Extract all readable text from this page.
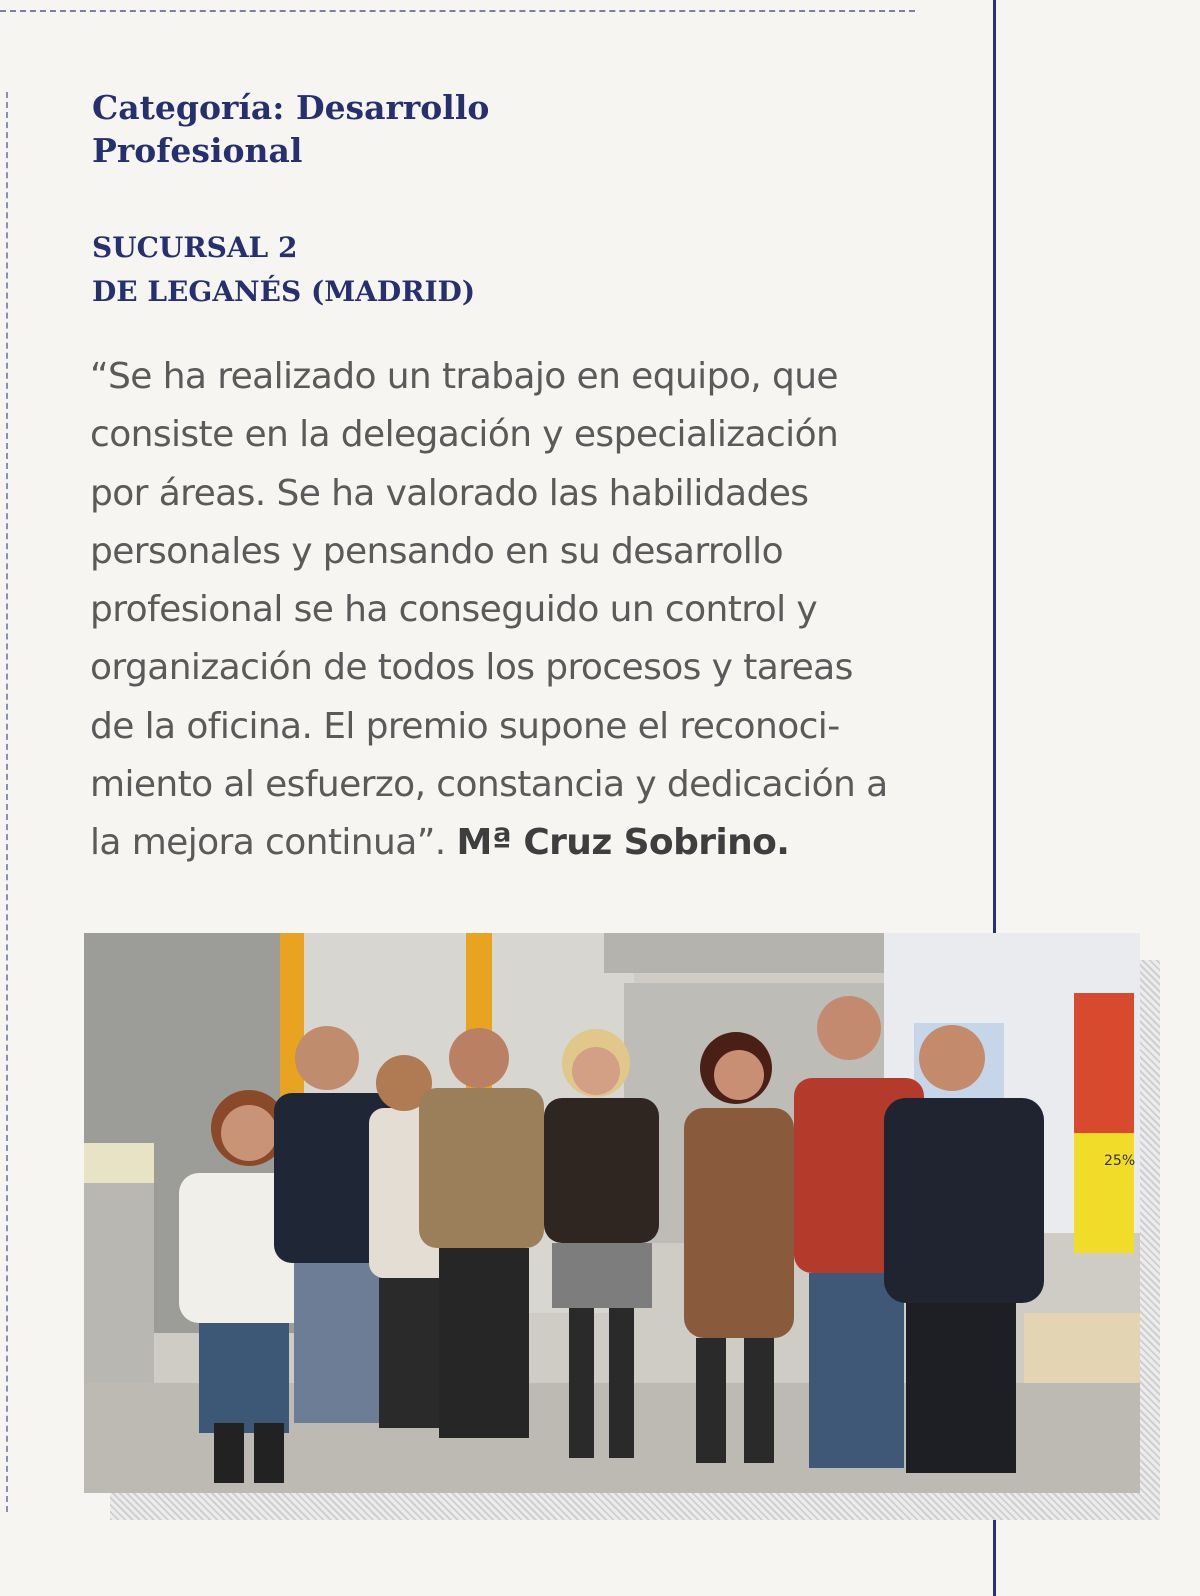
Categoría: Desarrollo
Profesional
SUCURSAL 2
DE LEGANÉS (MADRID)
“Se ha realizado un trabajo en equipo, que
consiste en la delegación y especialización
por áreas. Se ha valorado las habilidades
personales y pensando en su desarrollo
profesional se ha conseguido un control y
organización de todos los procesos y tareas
de la oficina. El premio supone el reconoci-
miento al esfuerzo, constancia y dedicación a
la mejora continua”. Mª Cruz Sobrino.
25%
